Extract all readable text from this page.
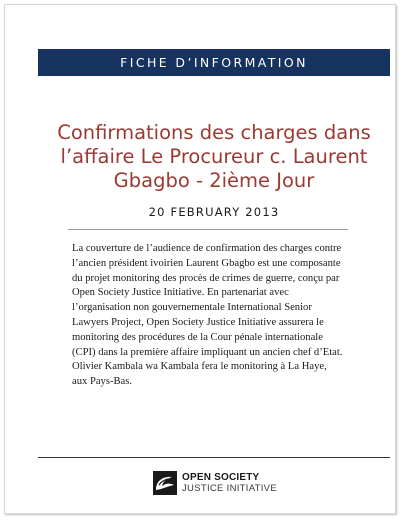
FICHE D’INFORMATION
Confirmations des charges dans l’affaire Le Procureur c. Laurent Gbagbo - 2ième Jour
20 FEBRUARY 2013

La couverture de l’audience de confirmation des charges contre l’ancien président ivoirien Laurent Gbagbo est une composante du projet monitoring des procès de crimes de guerre, conçu par Open Society Justice Initiative. En partenariat avec l’organisation non gouvernementale International Senior Lawyers Project, Open Society Justice Initiative assurera le monitoring des procédures de la Cour pénale internationale (CPI) dans la première affaire impliquant un ancien chef d’Etat. Olivier Kambala wa Kambala fera le monitoring à La Haye, aux Pays-Bas.

OPEN SOCIETY
JUSTICE INITIATIVE
